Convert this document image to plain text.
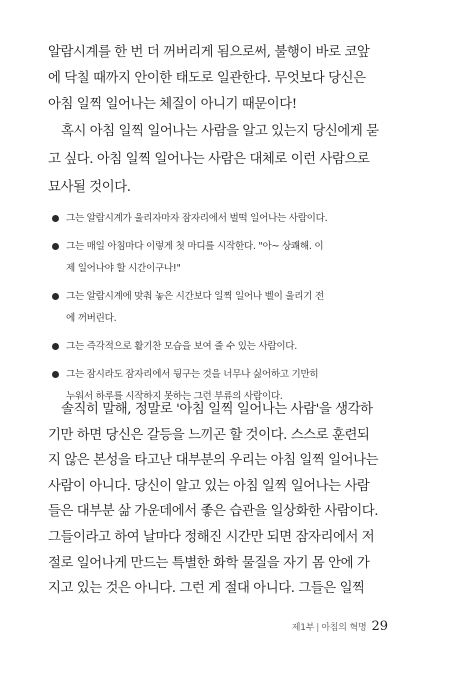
알람시계를 한 번 더 꺼버리게 됨으로써, 불행이 바로 코앞
에 닥칠 때까지 안이한 태도로 일관한다. 무엇보다 당신은
아침 일찍 일어나는 체질이 아니기 때문이다!
혹시 아침 일찍 일어나는 사람을 알고 있는지 당신에게 묻
고 싶다. 아침 일찍 일어나는 사람은 대체로 이런 사람으로
묘사될 것이다.
그는 알람시계가 울리자마자 잠자리에서 벌떡 일어나는 사람이다.
그는 매일 아침마다 이렇게 첫 마디를 시작한다. "아~ 상쾌해. 이
제 일어나야 할 시간이구나!"
그는 알람시계에 맞춰 놓은 시간보다 일찍 일어나 벨이 울리기 전
에 꺼버린다.
그는 즉각적으로 활기찬 모습을 보여 줄 수 있는 사람이다.
그는 잠시라도 잠자리에서 뒹구는 것을 너무나 싫어하고 기만히
누워서 하루를 시작하지 못하는 그런 부류의 사람이다.
솔직히 말해, 정말로 '아침 일찍 일어나는 사람'을 생각하
기만 하면 당신은 갈등을 느끼곤 할 것이다. 스스로 훈련되
지 않은 본성을 타고난 대부분의 우리는 아침 일찍 일어나는
사람이 아니다. 당신이 알고 있는 아침 일찍 일어나는 사람
들은 대부분 삶 가운데에서 좋은 습관을 일상화한 사람이다.
그들이라고 하여 날마다 정해진 시간만 되면 잠자리에서 저
절로 일어나게 만드는 특별한 화학 물질을 자기 몸 안에 가
지고 있는 것은 아니다. 그런 게 절대 아니다. 그들은 일찍
제1부 | 아침의 혁명 29
